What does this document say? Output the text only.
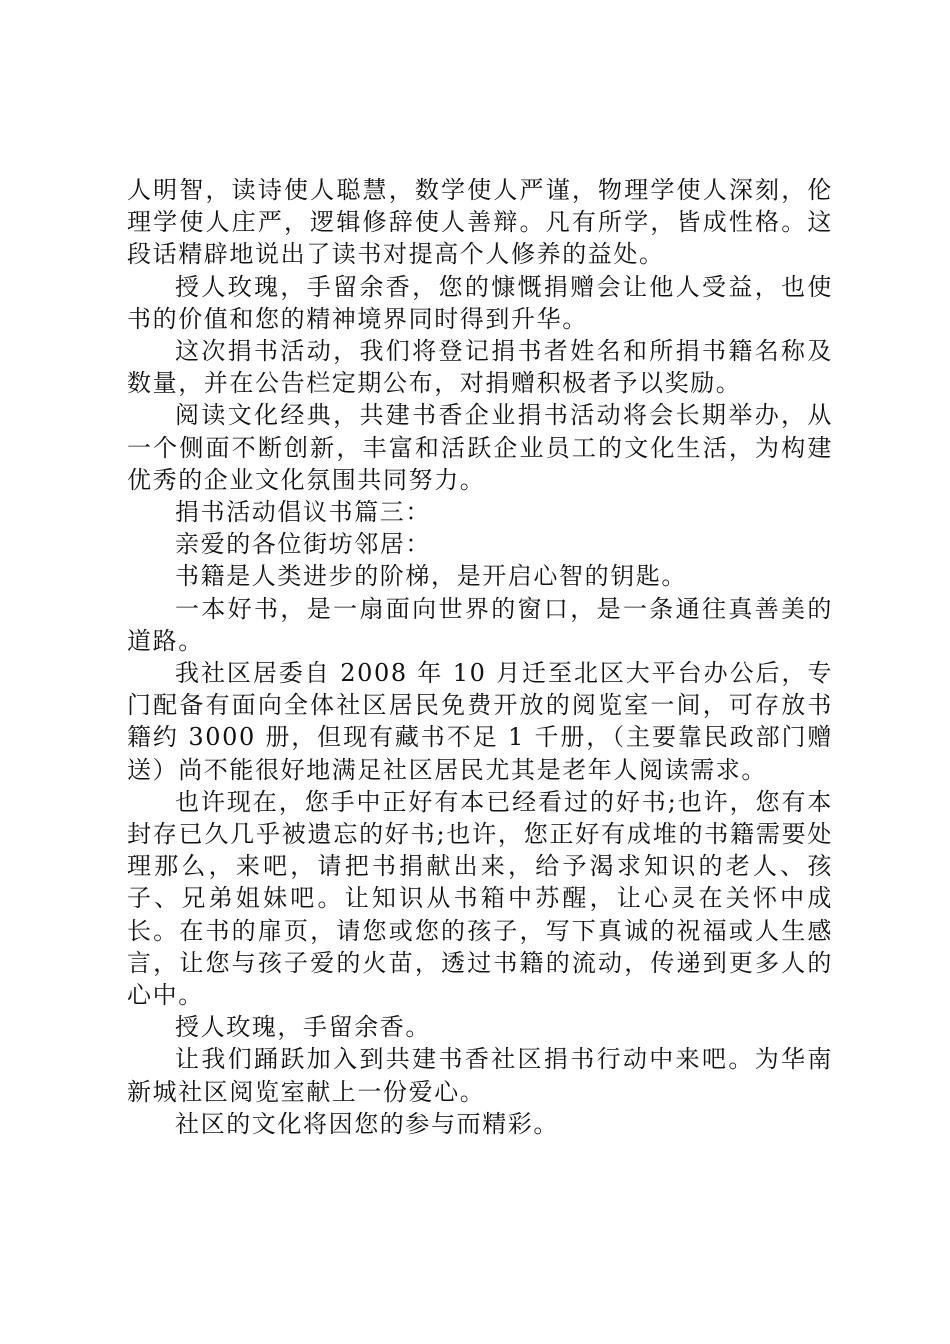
人明智，读诗使人聪慧，数学使人严谨，物理学使人深刻，伦理学使人庄严，逻辑修辞使人善辩。凡有所学，皆成性格。这段话精辟地说出了读书对提高个人修养的益处。

授人玫瑰，手留余香，您的慷慨捐赠会让他人受益，也使书的价值和您的精神境界同时得到升华。

这次捐书活动，我们将登记捐书者姓名和所捐书籍名称及数量，并在公告栏定期公布，对捐赠积极者予以奖励。

阅读文化经典，共建书香企业捐书活动将会长期举办，从一个侧面不断创新，丰富和活跃企业员工的文化生活，为构建优秀的企业文化氛围共同努力。

捐书活动倡议书篇三：

亲爱的各位街坊邻居：

书籍是人类进步的阶梯，是开启心智的钥匙。

一本好书，是一扇面向世界的窗口，是一条通往真善美的道路。

我社区居委自 2008 年 10 月迁至北区大平台办公后，专门配备有面向全体社区居民免费开放的阅览室一间，可存放书籍约 3000 册，但现有藏书不足 1 千册，（主要靠民政部门赠送）尚不能很好地满足社区居民尤其是老年人阅读需求。

也许现在，您手中正好有本已经看过的好书;也许，您有本封存已久几乎被遗忘的好书;也许，您正好有成堆的书籍需要处理那么，来吧，请把书捐献出来，给予渴求知识的老人、孩子、兄弟姐妹吧。让知识从书箱中苏醒，让心灵在关怀中成长。在书的扉页，请您或您的孩子，写下真诚的祝福或人生感言，让您与孩子爱的火苗，透过书籍的流动，传递到更多人的心中。

授人玫瑰，手留余香。

让我们踊跃加入到共建书香社区捐书行动中来吧。为华南新城社区阅览室献上一份爱心。

社区的文化将因您的参与而精彩。
